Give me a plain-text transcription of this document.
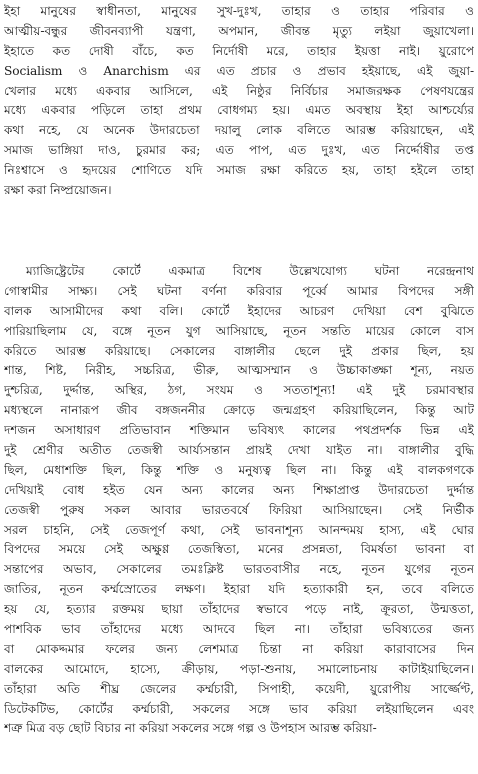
ইহা মানুষের স্বাধীনতা, মানুষের সুখ-দুঃখ, তাহার ও তাহার পরিবার ও
আত্মীয়-বন্ধুর জীবনব্যাপী যন্ত্রণা, অপমান, জীবন্ত মৃত্যু লইয়া জুয়াখেলা।
ইহাতে কত দোষী বাঁচে, কত নির্দোষী মরে, তাহার ইয়ত্তা নাই। য়ুরোপে
Socialism ও Anarchism এর এত প্রচার ও প্রভাব হইয়াছে, এই জুয়া-
খেলার মধ্যে একবার আসিলে, এই নিষ্ঠুর নির্বিচার সমাজরক্ষক পেষণযন্ত্রের
মধ্যে একবার পড়িলে তাহা প্রথম বোধগম্য হয়। এমত অবস্থায় ইহা আশ্চর্য্যের
কথা নহে, যে অনেক উদারচেতা দয়ালু লোক বলিতে আরম্ভ করিয়াছেন, এই
সমাজ ভাঙ্গিয়া দাও, চুরমার কর; এত পাপ, এত দুঃখ, এত নির্দ্দোষীর তপ্ত
নিঃশ্বাসে ও হৃদয়ের শোণিতে যদি সমাজ রক্ষা করিতে হয়, তাহা হইলে তাহা
রক্ষা করা নিষ্প্রয়োজন।
ম্যাজিষ্ট্রেটের কোর্টে একমাত্র বিশেষ উল্লেখযোগ্য ঘটনা নরেন্দ্রনাথ
গোস্বামীর সাক্ষ্য। সেই ঘটনা বর্ণনা করিবার পূর্ব্বে আমার বিপদের সঙ্গী
বালক আসামীদের কথা বলি। কোর্টে ইহাদের আচরণ দেখিয়া বেশ বুঝিতে
পারিয়াছিলাম যে, বঙ্গে নূতন যুগ আসিয়াছে, নূতন সন্ততি মায়ের কোলে বাস
করিতে আরম্ভ করিয়াছে। সেকালের বাঙ্গালীর ছেলে দুই প্রকার ছিল, হয়
শান্ত, শিষ্ট, নিরীহ, সচ্চরিত্র, ভীরু, আত্মসম্মান ও উচ্চাকাঙ্ক্ষা শূন্য, নয়ত
দুশ্চরিত্র, দুর্দ্দান্ত, অস্থির, ঠগ, সংযম ও সততাশূন্য! এই দুই চরমাবস্থার
মধ্যস্থলে নানারূপ জীব বঙ্গজননীর ক্রোড়ে জন্মগ্রহণ করিয়াছিলেন, কিন্তু আট
দশজন অসাধারণ প্রতিভাবান শক্তিমান ভবিষ্যৎ কালের পথপ্রদর্শক ভিন্ন এই
দুই শ্রেণীর অতীত তেজস্বী আর্য্যসন্তান প্রায়ই দেখা যাইত না। বাঙ্গালীর বুদ্ধি
ছিল, মেধাশক্তি ছিল, কিন্তু শক্তি ও মনুষ্যত্ব ছিল না। কিন্তু এই বালকগণকে
দেখিয়াই বোধ হইত যেন অন্য কালের অন্য শিক্ষাপ্রাপ্ত উদারচেতা দুর্দ্দান্ত
তেজস্বী পুরুষ সকল আবার ভারতবর্ষে ফিরিয়া আসিয়াছেন। সেই নির্ভীক
সরল চাহনি, সেই তেজপূর্ণ কথা, সেই ভাবনাশূন্য আনন্দময় হাস্য, এই ঘোর
বিপদের সময়ে সেই অক্ষুণ্ণ তেজস্বিতা, মনের প্রসন্নতা, বিমর্ষতা ভাবনা বা
সন্তাপের অভাব, সেকালের তমঃক্লিষ্ট ভারতবাসীর নহে, নূতন যুগের নূতন
জাতির, নূতন কর্ম্মস্রোতের লক্ষণ। ইহারা যদি হত্যাকারী হন, তবে বলিতে
হয় যে, হত্যার রক্তময় ছায়া তাঁহাদের স্বভাবে পড়ে নাই, ক্রূরতা, উন্মত্ততা,
পাশবিক ভাব তাঁহাদের মধ্যে আদবে ছিল না। তাঁহারা ভবিষ্যতের জন্য
বা মোকদ্দমার ফলের জন্য লেশমাত্র চিন্তা না করিয়া কারাবাসের দিন
বালকের আমোদে, হাস্যে, ক্রীড়ায়, পড়া-শুনায়, সমালোচনায় কাটাইয়াছিলেন।
তাঁহারা অতি শীঘ্র জেলের কর্ম্মচারী, সিপাহী, কয়েদী, য়ুরোপীয় সার্জ্জেণ্ট,
ডিটেকটিভ, কোর্টের কর্ম্মচারী, সকলের সঙ্গে ভাব করিয়া লইয়াছিলেন এবং
শত্রু মিত্র বড় ছোট বিচার না করিয়া সকলের সঙ্গে গল্প ও উপহাস আরম্ভ করিয়া-
